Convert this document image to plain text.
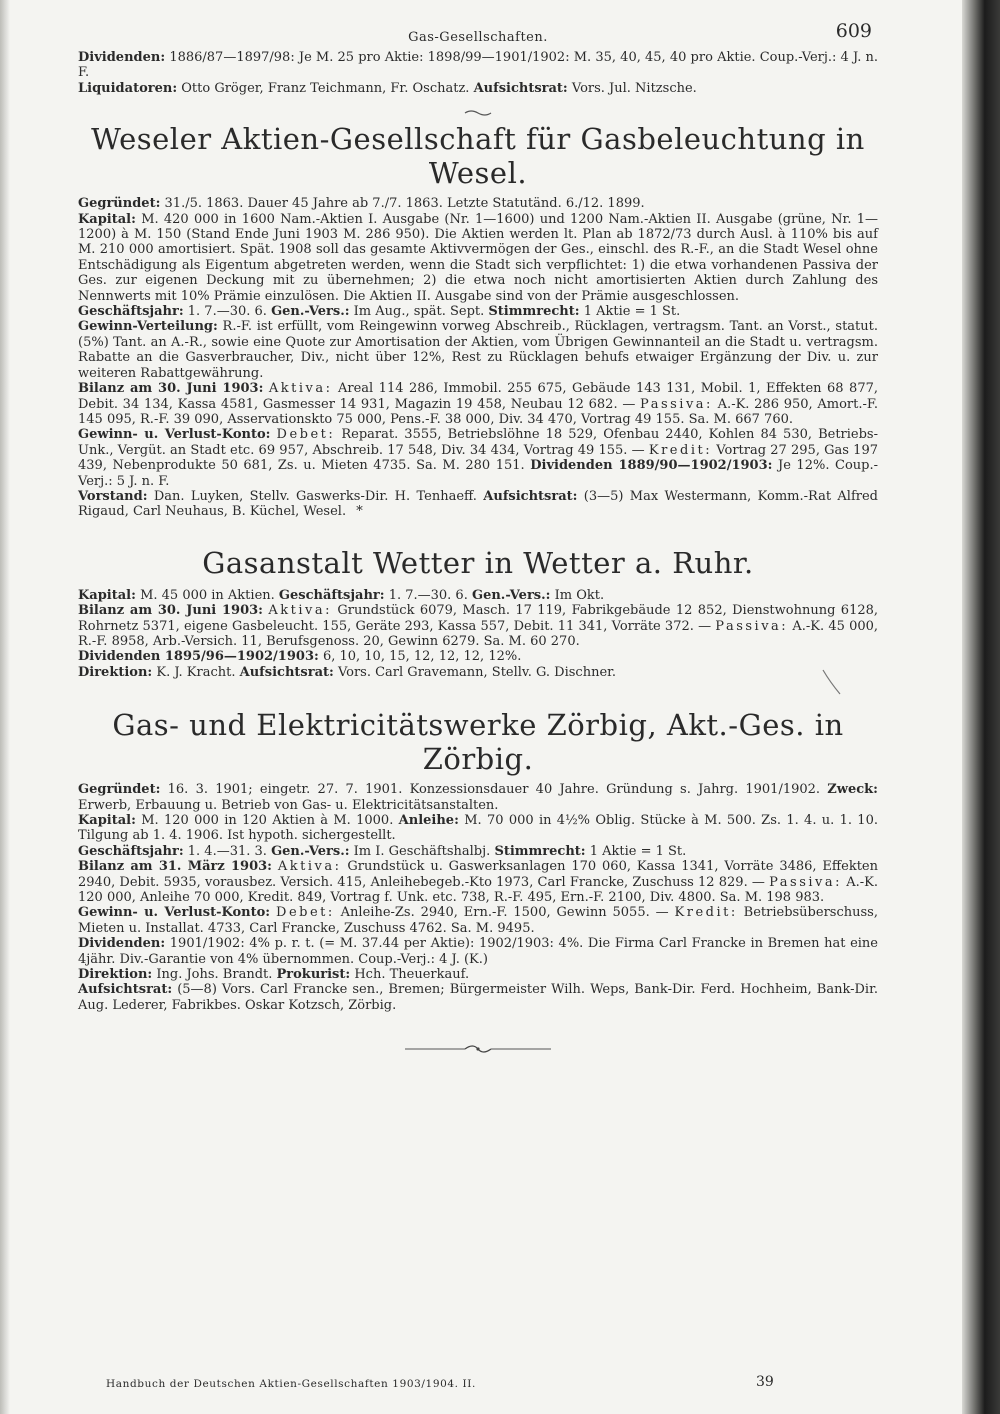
Gas-Gesellschaften.	609

Dividenden: 1886/87—1897/98: Je M. 25 pro Aktie: 1898/99—1901/1902: M. 35, 40, 45, 40 pro Aktie. Coup.-Verj.: 4 J. n. F.

Liquidatoren: Otto Gröger, Franz Teichmann, Fr. Oschatz. Aufsichtsrat: Vors. Jul. Nitzsche.

Weseler Aktien-Gesellschaft für Gasbeleuchtung in Wesel.

Gegründet: 31./5. 1863. Dauer 45 Jahre ab 7./7. 1863. Letzte Statutänd. 6./12. 1899.

Kapital: M. 420 000 in 1600 Nam.-Aktien I. Ausgabe (Nr. 1—1600) und 1200 Nam.-Aktien II. Ausgabe (grüne, Nr. 1—1200) à M. 150 (Stand Ende Juni 1903 M. 286 950). Die Aktien werden lt. Plan ab 1872/73 durch Ausl. à 110% bis auf M. 210 000 amortisiert. Spät. 1908 soll das gesamte Aktivvermögen der Ges., einschl. des R.-F., an die Stadt Wesel ohne Entschädigung als Eigentum abgetreten werden, wenn die Stadt sich verpflichtet: 1) die etwa vorhandenen Passiva der Ges. zur eigenen Deckung mit zu übernehmen; 2) die etwa noch nicht amortisierten Aktien durch Zahlung des Nennwerts mit 10% Prämie einzulösen. Die Aktien II. Ausgabe sind von der Prämie ausgeschlossen.

Geschäftsjahr: 1. 7.—30. 6. Gen.-Vers.: Im Aug., spät. Sept. Stimmrecht: 1 Aktie = 1 St.

Gewinn-Verteilung: R.-F. ist erfüllt, vom Reingewinn vorweg Abschreib., Rücklagen, vertragsm. Tant. an Vorst., statut. (5%) Tant. an A.-R., sowie eine Quote zur Amortisation der Aktien, vom Übrigen Gewinnanteil an die Stadt u. vertragsm. Rabatte an die Gasverbraucher, Div., nicht über 12%, Rest zu Rücklagen behufs etwaiger Ergänzung der Div. u. zur weiteren Rabattgewährung.

Bilanz am 30. Juni 1903: Aktiva: Areal 114 286, Immobil. 255 675, Gebäude 143 131, Mobil. 1, Effekten 68 877, Debit. 34 134, Kassa 4581, Gasmesser 14 931, Magazin 19 458, Neubau 12 682. — Passiva: A.-K. 286 950, Amort.-F. 145 095, R.-F. 39 090, Asservationskto 75 000, Pens.-F. 38 000, Div. 34 470, Vortrag 49 155. Sa. M. 667 760.

Gewinn- u. Verlust-Konto: Debet: Reparat. 3555, Betriebslöhne 18 529, Ofenbau 2440, Kohlen 84 530, Betriebs-Unk., Vergüt. an Stadt etc. 69 957, Abschreib. 17 548, Div. 34 434, Vortrag 49 155. — Kredit: Vortrag 27 295, Gas 197 439, Nebenprodukte 50 681, Zs. u. Mieten 4735. Sa. M. 280 151. Dividenden 1889/90—1902/1903: Je 12%. Coup.-Verj.: 5 J. n. F.

Vorstand: Dan. Luyken, Stellv. Gaswerks-Dir. H. Tenhaeff. Aufsichtsrat: (3—5) Max Westermann, Komm.-Rat Alfred Rigaud, Carl Neuhaus, B. Küchel, Wesel. *

Gasanstalt Wetter in Wetter a. Ruhr.

Kapital: M. 45 000 in Aktien. Geschäftsjahr: 1. 7.—30. 6. Gen.-Vers.: Im Okt.

Bilanz am 30. Juni 1903: Aktiva: Grundstück 6079, Masch. 17 119, Fabrikgebäude 12 852, Dienstwohnung 6128, Rohrnetz 5371, eigene Gasbeleucht. 155, Geräte 293, Kassa 557, Debit. 11 341, Vorräte 372. — Passiva: A.-K. 45 000, R.-F. 8958, Arb.-Versich. 11, Berufsgenoss. 20, Gewinn 6279. Sa. M. 60 270.

Dividenden 1895/96—1902/1903: 6, 10, 10, 15, 12, 12, 12, 12%.

Direktion: K. J. Kracht. Aufsichtsrat: Vors. Carl Gravemann, Stellv. G. Dischner.

Gas- und Elektricitätswerke Zörbig, Akt.-Ges. in Zörbig.

Gegründet: 16. 3. 1901; eingetr. 27. 7. 1901. Konzessionsdauer 40 Jahre. Gründung s. Jahrg. 1901/1902. Zweck: Erwerb, Erbauung u. Betrieb von Gas- u. Elektricitätsanstalten.

Kapital: M. 120 000 in 120 Aktien à M. 1000. Anleihe: M. 70 000 in 4½% Oblig. Stücke à M. 500. Zs. 1. 4. u. 1. 10. Tilgung ab 1. 4. 1906. Ist hypoth. sichergestellt.

Geschäftsjahr: 1. 4.—31. 3. Gen.-Vers.: Im I. Geschäftshalbj. Stimmrecht: 1 Aktie = 1 St.

Bilanz am 31. März 1903: Aktiva: Grundstück u. Gaswerksanlagen 170 060, Kassa 1341, Vorräte 3486, Effekten 2940, Debit. 5935, vorausbez. Versich. 415, Anleihebegeb.-Kto 1973, Carl Francke, Zuschuss 12 829. — Passiva: A.-K. 120 000, Anleihe 70 000, Kredit. 849, Vortrag f. Unk. etc. 738, R.-F. 495, Ern.-F. 2100, Div. 4800. Sa. M. 198 983.

Gewinn- u. Verlust-Konto: Debet: Anleihe-Zs. 2940, Ern.-F. 1500, Gewinn 5055. — Kredit: Betriebsüberschuss, Mieten u. Installat. 4733, Carl Francke, Zuschuss 4762. Sa. M. 9495.

Dividenden: 1901/1902: 4% p. r. t. (= M. 37.44 per Aktie): 1902/1903: 4%. Die Firma Carl Francke in Bremen hat eine 4jähr. Div.-Garantie von 4% übernommen. Coup.-Verj.: 4 J. (K.)

Direktion: Ing. Johs. Brandt. Prokurist: Hch. Theuerkauf.

Aufsichtsrat: (5—8) Vors. Carl Francke sen., Bremen; Bürgermeister Wilh. Weps, Bank-Dir. Ferd. Hochheim, Bank-Dir. Aug. Lederer, Fabrikbes. Oskar Kotzsch, Zörbig.

Handbuch der Deutschen Aktien-Gesellschaften 1903/1904. II.	39
